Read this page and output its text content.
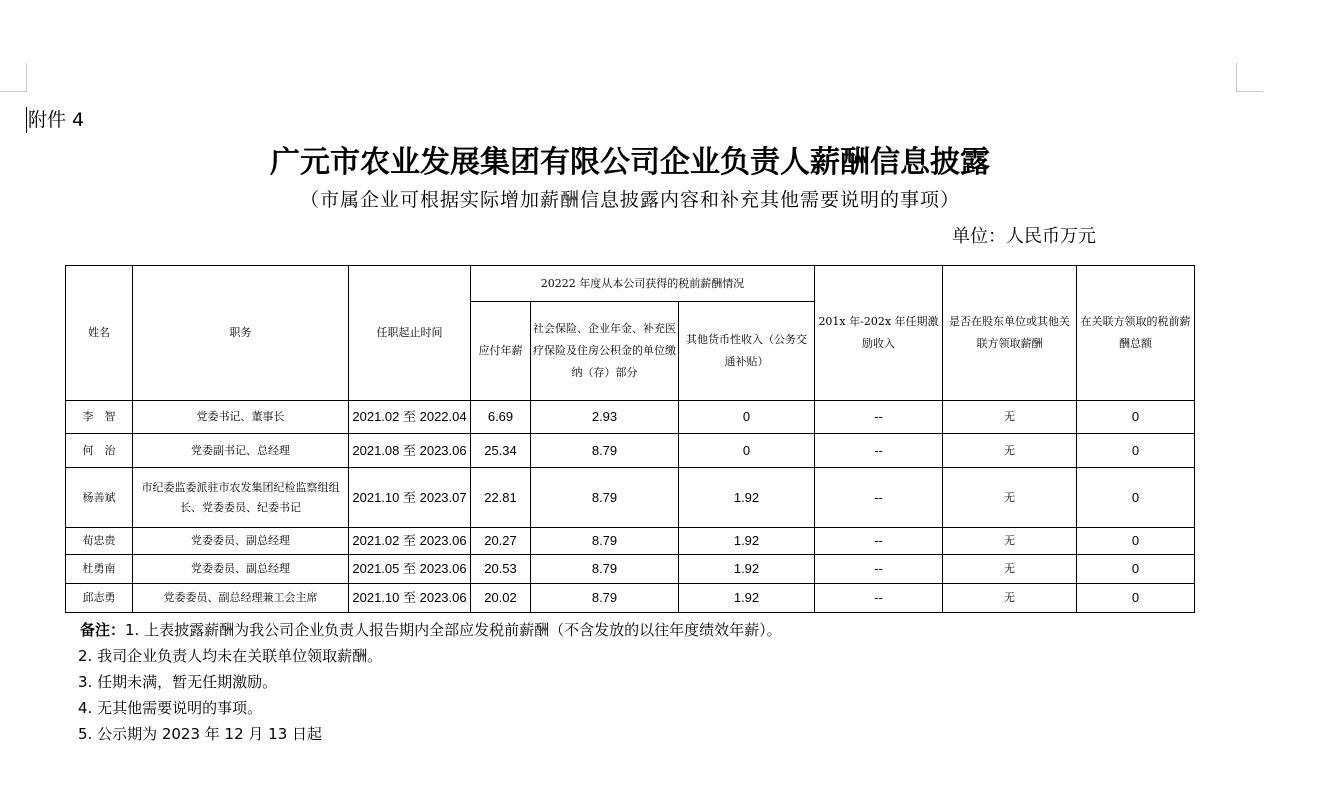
附件 4
广元市农业发展集团有限公司企业负责人薪酬信息披露
（市属企业可根据实际增加薪酬信息披露内容和补充其他需要说明的事项）
单位：人民币万元
姓名	职务	任职起止时间	20222 年度从本公司获得的税前薪酬情况			201x 年-202x 年任期激励收入	是否在股东单位或其他关联方领取薪酬	在关联方领取的税前薪酬总额
			应付年薪	社会保险、企业年金、补充医疗保险及住房公积金的单位缴纳（存）部分	其他货币性收入（公务交通补贴）			
李　智	党委书记、董事长	2021.02 至 2022.04	6.69	2.93	0	--	无	0
何　治	党委副书记、总经理	2021.08 至 2023.06	25.34	8.79	0	--	无	0
杨善斌	市纪委监委派驻市农发集团纪检监察组组长、党委委员、纪委书记	2021.10 至 2023.07	22.81	8.79	1.92	--	无	0
荀忠贵	党委委员、副总经理	2021.02 至 2023.06	20.27	8.79	1.92	--	无	0
杜勇南	党委委员、副总经理	2021.05 至 2023.06	20.53	8.79	1.92	--	无	0
邱志勇	党委委员、副总经理兼工会主席	2021.10 至 2023.06	20.02	8.79	1.92	--	无	0
备注：1. 上表披露薪酬为我公司企业负责人报告期内全部应发税前薪酬（不含发放的以往年度绩效年薪）。
2. 我司企业负责人均未在关联单位领取薪酬。
3. 任期未满，暂无任期激励。
4. 无其他需要说明的事项。
5. 公示期为 2023 年 12 月 13 日起
